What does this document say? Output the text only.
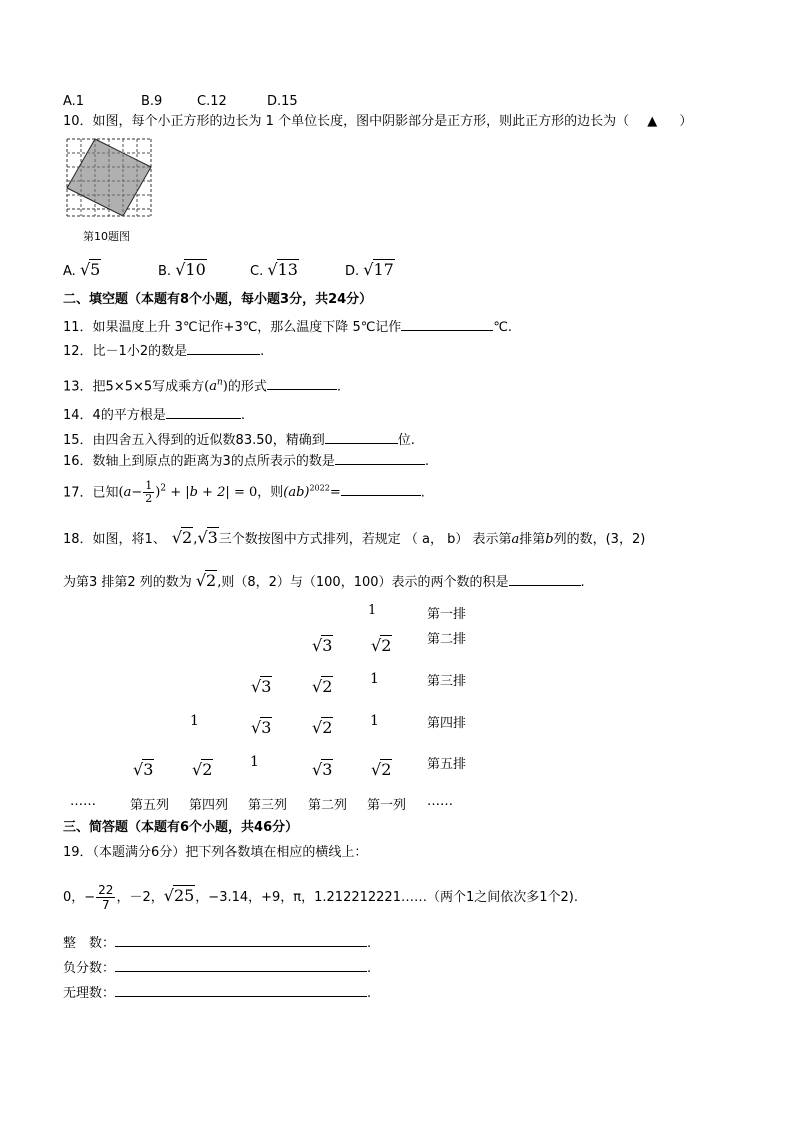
A.1	B.9	C.12	D.15
10．如图，每个小正方形的边长为 1 个单位长度，图中阴影部分是正方形，则此正方形的边长为（ ▲ ）
第10题图
A. √5	B. √10	C. √13	D. √17
二、填空题（本题有8个小题，每小题3分，共24分）
11．如果温度上升 3℃记作+3℃，那么温度下降 5℃记作	℃.
12．比－1小2的数是	.
13．把5×5×5写成乘方$(a^n)$的形式	.
14．4的平方根是	.
15．由四舍五入得到的近似数83.50，精确到	位.
16．数轴上到原点的距离为3的点所表示的数是	.
17．已知$(a- \frac{1}{2} )^2 + |b + 2| = 0$，则(ab)$^{2022}$=	.
18．如图，将1、 √2,√3三个数按图中方式排列，若规定 （ a， b） 表示第a排第b列的数，(3，2)
为第3 排第2 列的数为 √2,则（8，2）与（100，100）表示的两个数的积是	.
1
√3 √2
√3	√2	1
1	√3	√2	1
√3 √2	1	√3 √2
第一排
第二排
第三排
第四排
第五排
……	第五列 第四列 第三列 第二列 第一列 ……
三、简答题（本题有6个小题，共46分）
19．（本题满分6分）把下列各数填在相应的横线上：
0，− $\frac{22}{7}$ ，－2，√25，−3.14，+9，π，1.212212221……（两个1之间依次多1个2).
整　数：	.
负分数：	.
无理数：	.
